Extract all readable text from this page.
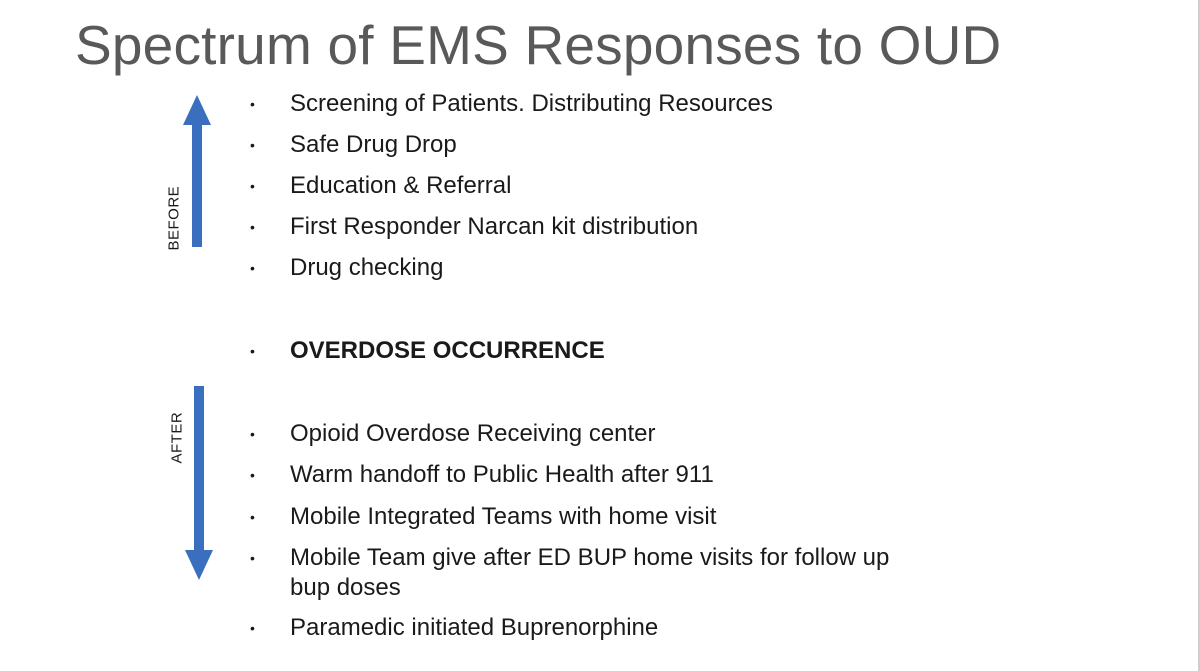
Spectrum of EMS Responses to OUD
BEFORE
AFTER
• Screening of Patients. Distributing Resources
• Safe Drug Drop
• Education & Referral
• First Responder Narcan kit distribution
• Drug checking
• OVERDOSE OCCURRENCE
• Opioid Overdose Receiving center
• Warm handoff to Public Health after 911
• Mobile Integrated Teams with home visit
• Mobile Team give after ED BUP home visits for follow up bup doses
• Paramedic initiated Buprenorphine
